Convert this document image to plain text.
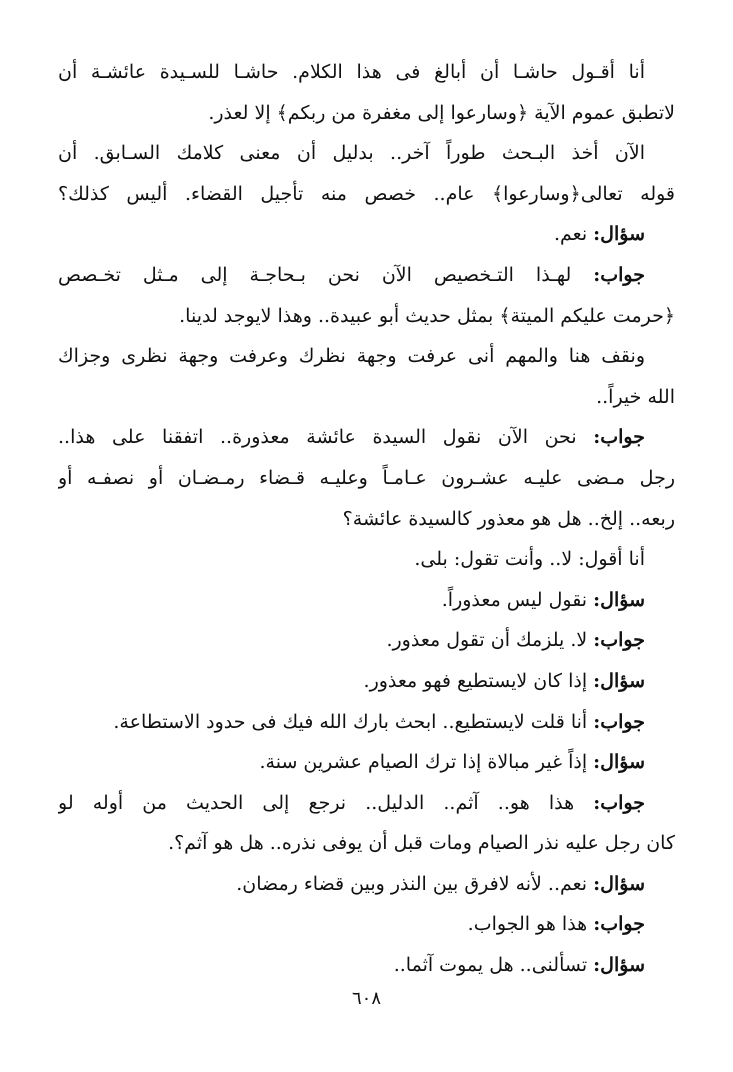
أنا أقـول حاشـا أن أبالغ فى هذا الكلام. حاشـا للسـيدة عائشـة أن
لاتطبق عموم الآية ﴿وسارعوا إلى مغفرة من ربكم﴾ إلا لعذر.
الآن أخذ البـحث طوراً آخر.. بدليل أن معنى كلامك السـابق. أن
قوله تعالى﴿وسارعوا﴾ عام.. خصص منه تأجيل القضاء. أليس كذلك؟
سؤال: نعم.
جواب: لهـذا التـخصيص الآن نحن بـحاجـة إلى مـثل تخـصص
﴿حرمت عليكم الميتة﴾ بمثل حديث أبو عبيدة.. وهذا لايوجد لدينا.
ونقف هنا والمهم أنى عرفت وجهة نظرك وعرفت وجهة نظرى وجزاك
الله خيراً..
جواب: نحن الآن نقول السيدة عائشة معذورة.. اتفقنا على هذا..
رجل مـضى عليـه عشـرون عـامـاً وعليـه قـضاء رمـضـان أو نصفـه أو
ربعه.. إلخ.. هل هو معذور كالسيدة عائشة؟
أنا أقول: لا.. وأنت تقول: بلى.
سؤال: نقول ليس معذوراً.
جواب: لا. يلزمك أن تقول معذور.
سؤال: إذا كان لايستطيع فهو معذور.
جواب: أنا قلت لايستطيع.. ابحث بارك الله فيك فى حدود الاستطاعة.
سؤال: إذاً غير مبالاة إذا ترك الصيام عشرين سنة.
جواب: هذا هو.. آثم.. الدليل.. نرجع إلى الحديث من أوله لو
كان رجل عليه نذر الصيام ومات قبل أن يوفى نذره.. هل هو آثم؟.
سؤال: نعم.. لأنه لافرق بين النذر وبين قضاء رمضان.
جواب: هذا هو الجواب.
سؤال: تسألنى.. هل يموت آثما..
٦٠٨
